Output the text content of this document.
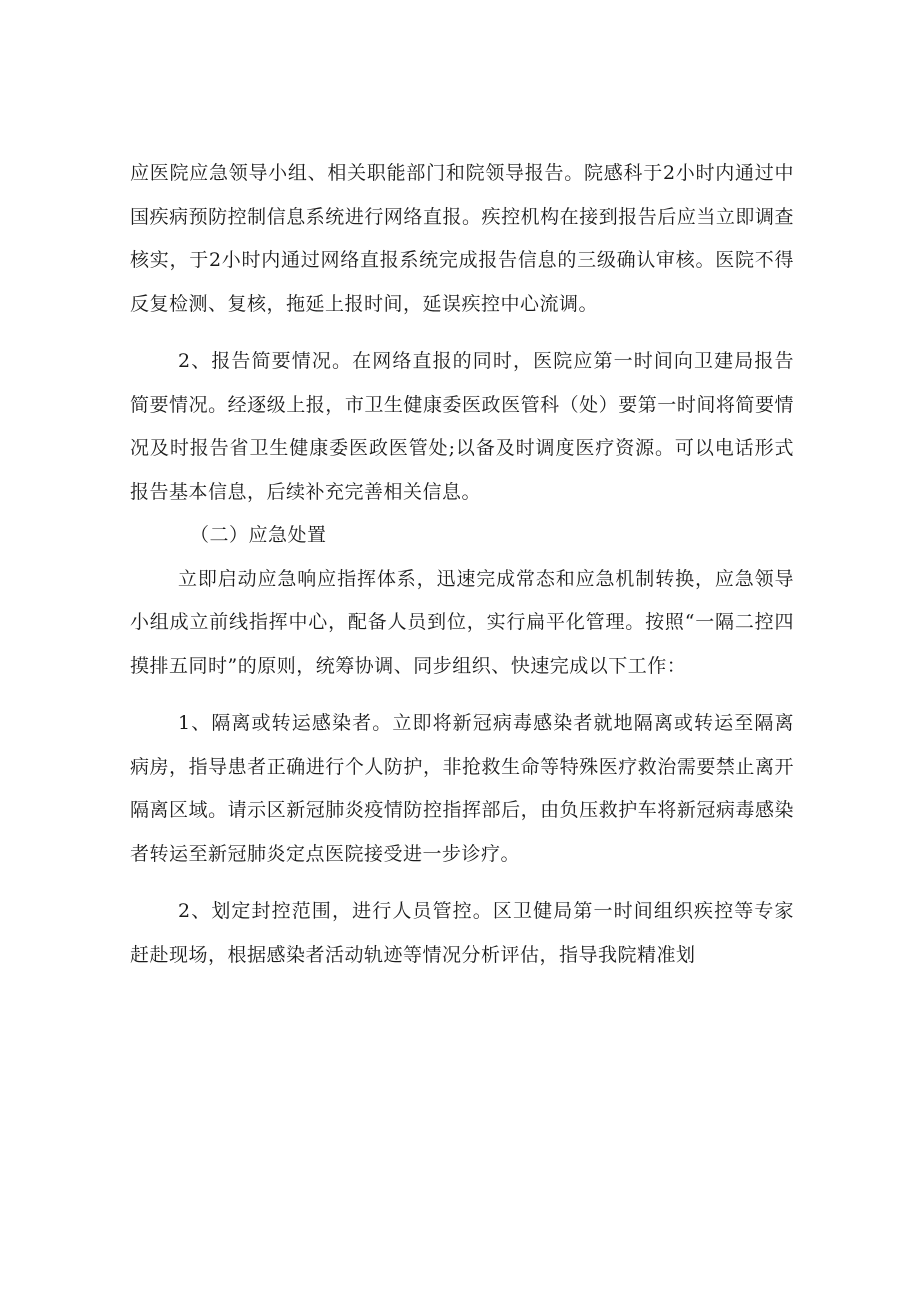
应医院应急领导小组、相关职能部门和院领导报告。院感科于2小时内通过中国疾病预防控制信息系统进行网络直报。疾控机构在接到报告后应当立即调查核实，于2小时内通过网络直报系统完成报告信息的三级确认审核。医院不得反复检测、复核，拖延上报时间，延误疾控中心流调。

2、报告简要情况。在网络直报的同时，医院应第一时间向卫建局报告简要情况。经逐级上报，市卫生健康委医政医管科（处）要第一时间将简要情况及时报告省卫生健康委医政医管处;以备及时调度医疗资源。可以电话形式报告基本信息，后续补充完善相关信息。

（二）应急处置

立即启动应急响应指挥体系，迅速完成常态和应急机制转换，应急领导小组成立前线指挥中心，配备人员到位，实行扁平化管理。按照“一隔二控四摸排五同时”的原则，统筹协调、同步组织、快速完成以下工作：

1、隔离或转运感染者。立即将新冠病毒感染者就地隔离或转运至隔离病房，指导患者正确进行个人防护，非抢救生命等特殊医疗救治需要禁止离开隔离区域。请示区新冠肺炎疫情防控指挥部后，由负压救护车将新冠病毒感染者转运至新冠肺炎定点医院接受进一步诊疗。

2、划定封控范围，进行人员管控。区卫健局第一时间组织疾控等专家赶赴现场，根据感染者活动轨迹等情况分析评估，指导我院精准划
